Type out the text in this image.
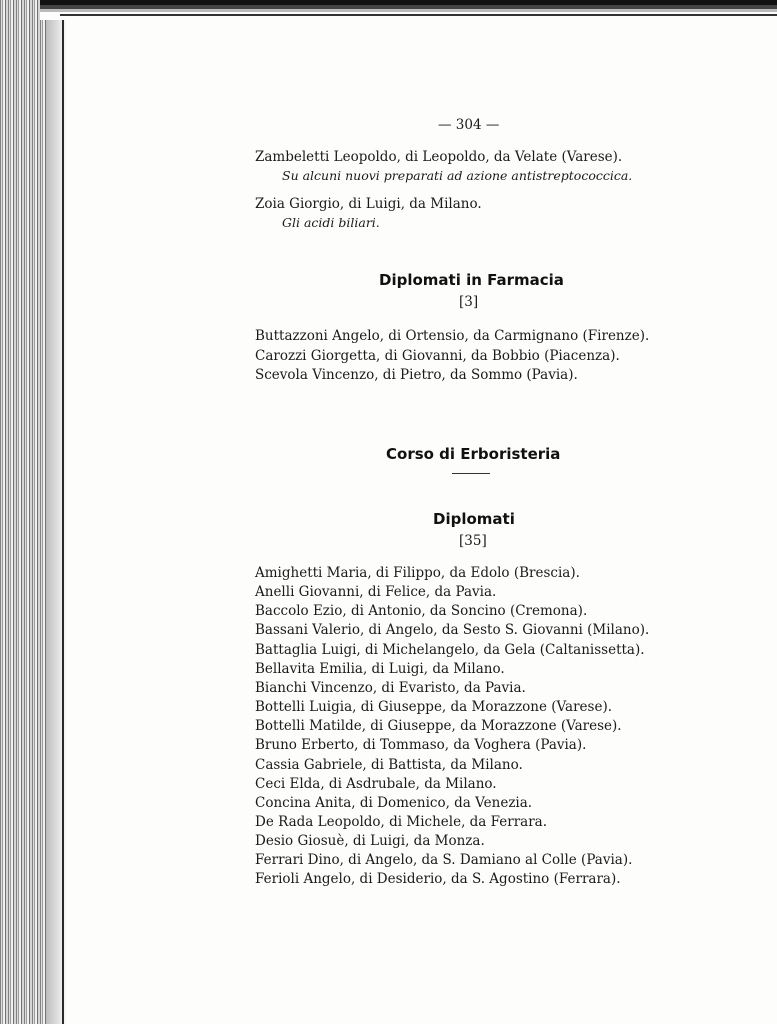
— 304 —
Zambeletti Leopoldo, di Leopoldo, da Velate (Varese).
Su alcuni nuovi preparati ad azione antistreptococcica.
Zoia Giorgio, di Luigi, da Milano.
Gli acidi biliari.
Diplomati in Farmacia
[3]
Buttazzoni Angelo, di Ortensio, da Carmignano (Firenze).
Carozzi Giorgetta, di Giovanni, da Bobbio (Piacenza).
Scevola Vincenzo, di Pietro, da Sommo (Pavia).
Corso di Erboristeria
Diplomati
[35]
Amighetti Maria, di Filippo, da Edolo (Brescia).
Anelli Giovanni, di Felice, da Pavia.
Baccolo Ezio, di Antonio, da Soncino (Cremona).
Bassani Valerio, di Angelo, da Sesto S. Giovanni (Milano).
Battaglia Luigi, di Michelangelo, da Gela (Caltanissetta).
Bellavita Emilia, di Luigi, da Milano.
Bianchi Vincenzo, di Evaristo, da Pavia.
Bottelli Luigia, di Giuseppe, da Morazzone (Varese).
Bottelli Matilde, di Giuseppe, da Morazzone (Varese).
Bruno Erberto, di Tommaso, da Voghera (Pavia).
Cassia Gabriele, di Battista, da Milano.
Ceci Elda, di Asdrubale, da Milano.
Concina Anita, di Domenico, da Venezia.
De Rada Leopoldo, di Michele, da Ferrara.
Desio Giosuè, di Luigi, da Monza.
Ferrari Dino, di Angelo, da S. Damiano al Colle (Pavia).
Ferioli Angelo, di Desiderio, da S. Agostino (Ferrara).
